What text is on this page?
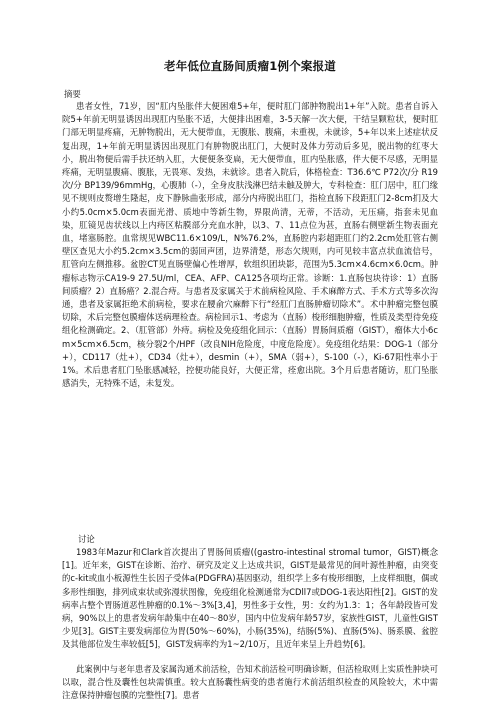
老年低位直肠间质瘤1例个案报道
摘要
患者女性，71岁，因“肛内坠胀伴大便困难5+年，便时肛门部肿物脱出1+年”入院。患者自诉入院5+年前无明显诱因出现肛内坠胀不适，大便排出困难，3-5天解一次大便，干结呈颗粒状，便时肛门部无明显疼痛，无肿物脱出，无大便带血，无腹胀、腹痛，未重视，未就诊，5+年以来上述症状反复出现，1+年前无明显诱因出现肛门有肿物脱出肛门，大便时及体力劳动后多见，脱出物的红枣大小，脱出物便后需手扶还纳入肛，大便便条变扁，无大便带血，肛内坠胀感，伴大便不尽感，无明显疼痛，无明显腹痛、腹胀，无畏寒、发热，未就诊。患者入院后，体格检查：T36.6℃ P72次/分 R19次/分 BP139/96mmHg，心腹肺（-），全身皮肤浅淋巴结未触及肿大，专科检查：肛门居中，肛门缘见不规则皮赘增生隆起，皮下静脉曲张形成，部分内痔脱出肛门，指检直肠下段距肛门2-8cm扪及大小约5.0cm×5.0cm表面光滑、质地中等新生物，界限尚清，无蒂，不活动，无压痛，指套未见血染，肛镜见齿状线以上内痔区粘膜部分充血水肿，以3、7、11点位为甚，直肠右侧壁新生物表面充血，堵塞肠腔。血常规见WBC11.6×109/L，N%76.2%，直肠腔内彩超距肛门约2.2cm处肛管右侧壁区查见大小约5.2cm×3.5cm的弱回声团，边界清楚，形态欠规则，内可见较丰富点状血流信号，肛管向左侧推移。盆腔CT见直肠壁偏心性增厚，软组织团块影，范围为5.3cm×4.6cm×6.0cm。肿瘤标志物示CA19-9 27.5U/ml，CEA、AFP、CA125各项均正常。诊断：1.直肠包块待诊：1）直肠间质瘤？2）直肠癌？2.混合痔。与患者及家属关于术前病检风险、手术麻醉方式、手术方式等多次沟通，患者及家属拒绝术前病检，要求在腰俞穴麻醉下行“经肛门直肠肿瘤切除术”。术中肿瘤完整包膜切除，术后完整包膜瘤体送病理检查。病检回示1、考虑为（直肠）梭形细胞肿瘤，性质及类型待免疫组化检测确定。2、（肛管部）外痔。病检及免疫组化回示：（直肠）胃肠间质瘤（GIST），瘤体大小6cm×5cm×6.5cm，核分裂2个/HPF（改良NIH危险度，中度危险度）。免疫组化结果：DOG-1（部分+），CD117（灶+），CD34（灶+），desmin（+），SMA（弱+），S-100（-），Ki-67阳性率小于1%。术后患者肛门坠胀感减轻，控便功能良好，大便正常，痊愈出院。3个月后患者随访，肛门坠胀感消失，无特殊不适，未复发。
讨论
1983年Mazur和Clark首次提出了胃肠间质瘤((gastro-intestinal stromal tumor，GIST)概念[1]。近年来，GIST在诊断、治疗、研究及定义上达成共识，GIST是最常见的间叶源性肿瘤，由突变的c-kit或血小板源性生长因子受体a(PDGFRA)基因驱动，组织学上多有梭形细胞，上皮样细胞，偶或多形性细胞，排列成束状或弥漫状图像，免疫组化检测通常为CDll7或DOG-1表达阳性[2]。GIST的发病率占整个胃肠道恶性肿瘤的0.1%～3%[3,4]，男性多于女性，男：女约为1.3：1；各年龄段皆可发病，90%以上的患者发病年龄集中在40～80岁，国内中位发病年龄57岁，家族性GIST，儿童性GIST少见[3]。GIST主要发病部位为胃(50%～60%)，小肠(35%)，结肠(5%)、直肠(5%)、肠系膜、盆腔及其他部位发生率较低[5]，GIST发病率约为1~2/10万，且近年来呈上升趋势[6]。
此案例中与老年患者及家属沟通术前活检，告知术前活检可明确诊断，但活检取则上实质性肿块可以取，混合性及囊性包块需慎重。较大直肠囊性病变的患者施行术前活组织检查的风险较大，术中需注意保持肿瘤包膜的完整性[7]。患者
